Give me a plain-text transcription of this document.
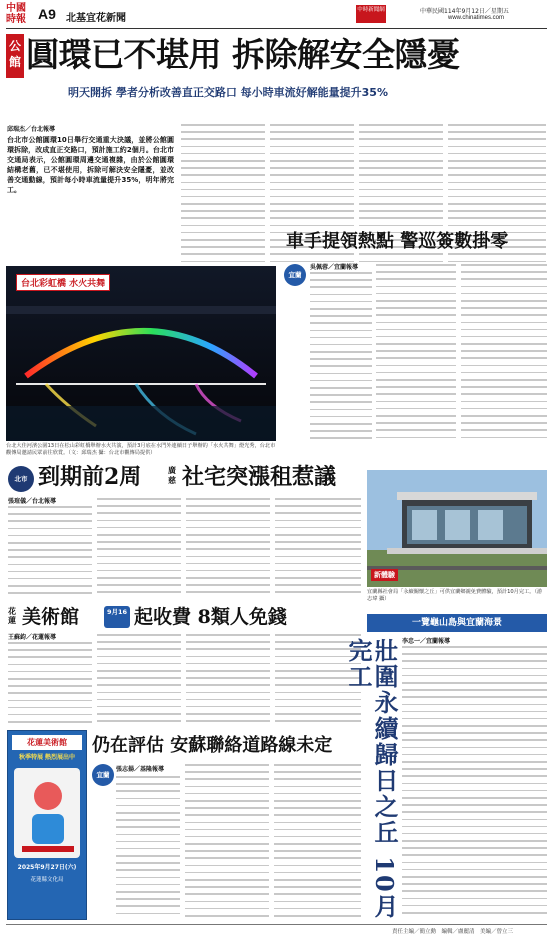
中國
時報 A9 北基宜花新聞
中時新聞網	中華民國114年9月12日／星期五
www.chinatimes.com
公館 圓環已不堪用 拆除解安全隱憂
明天開拆 學者分析改善直正交路口 每小時車流好解能量提升35%
邱瑞杰／台北報導
台北市公館圓環10日舉行交通重大決議，並將公館圓環拆除，改成直正交路口，預計施工約2個月。台北市交通局表示，公館圓環周邊交通複雜，由於公館圓環結構老舊，已不堪使用，拆除可解決安全隱憂，並改善交通動線，預計每小時車流量提升35%，明年將完工。
台北彩虹橋 水火共舞
台北大佳河濱公園13日在松山彩虹橋舉辦水火共演，預計3月底在水門外連續日子舉辦的「水火共舞」燈光秀，台北市觀傳局邀請民眾前往欣賞。（文：邱瑞杰 攝：台北市觀傳局提供）
車手提領熱點 警巡簽數掛零
宜蘭
吳佩蓉／宜蘭報導
北市 到期前2周	廣慈 社宅突漲租惹議
張瑄儀／台北報導
新體驗
宜蘭縣社會局「永續關懷之丘」可供宜蘭鄉親免費體驗，預計10月完工。（游志瑋 攝）
花蓮 美術館	9月16 起收費 8類人免錢
王蘇鈞／花蓮報導
花蓮美術館
秋季特展 熱烈展出中
2025年9月27日(六)
花蓮縣文化局
仍在評估 安蘇聯絡道路線未定
宜蘭
張志揚／基隆報導
一覽龜山島與宜蘭海景
李忠一／宜蘭報導
壯圍永續歸日之丘 10月完工
責任主編／簡立勳　編輯／盧麗清　美編／曾立三
